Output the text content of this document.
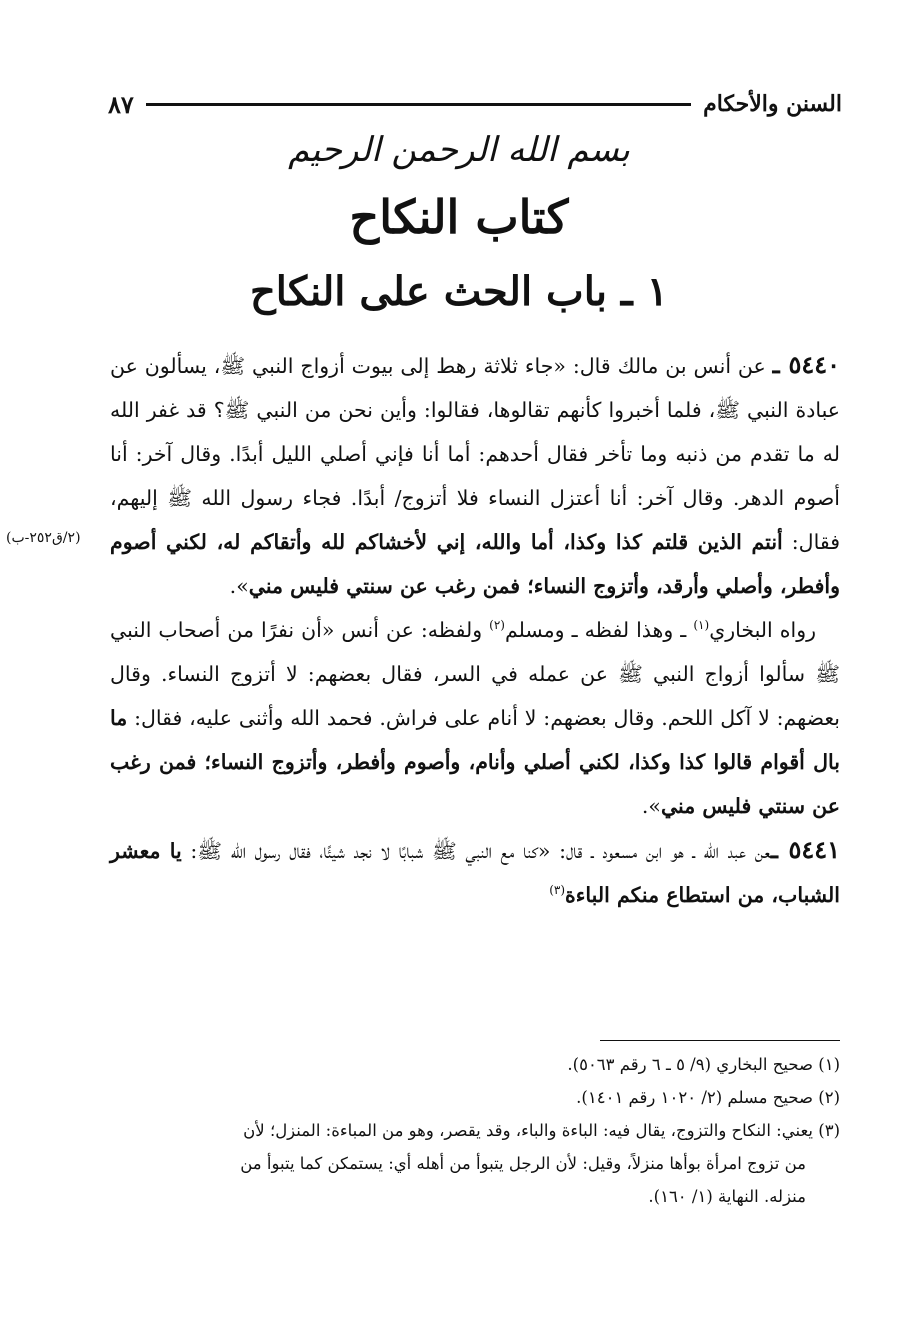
السنن والأحكام
٨٧
بسم الله الرحمن الرحيم
كتاب النكاح
١ ـ باب الحث على النكاح
(٢/ق٢٥٢-ب)

٥٤٤٠ ـ عن أنس بن مالك قال: «جاء ثلاثة رهط إلى بيوت أزواج النبي ﷺ، يسألون عن عبادة النبي ﷺ، فلما أخبروا كأنهم تقالوها، فقالوا: وأين نحن من النبي ﷺ؟ قد غفر الله له ما تقدم من ذنبه وما تأخر فقال أحدهم: أما أنا فإني أصلي الليل أبدًا. وقال آخر: أنا أصوم الدهر. وقال آخر: أنا أعتزل النساء فلا أتزوج/ أبدًا. فجاء رسول الله ﷺ إليهم، فقال: أنتم الذين قلتم كذا وكذا، أما والله، إني لأخشاكم لله وأتقاكم له، لكني أصوم وأفطر، وأصلي وأرقد، وأتزوج النساء؛ فمن رغب عن سنتي فليس مني».

رواه البخاري$^{(١)}$ ـ وهذا لفظه ـ ومسلم$^{(٢)}$ ولفظه: عن أنس «أن نفرًا من أصحاب النبي ﷺ سألوا أزواج النبي ﷺ عن عمله في السر، فقال بعضهم: لا أتزوج النساء. وقال بعضهم: لا آكل اللحم. وقال بعضهم: لا أنام على فراش. فحمد الله وأثنى عليه، فقال: ما بال أقوام قالوا كذا وكذا، لكني أصلي وأنام، وأصوم وأفطر، وأتزوج النساء؛ فمن رغب عن سنتي فليس مني».

٥٤٤١ ـعن عبد الله ـ هو ابن مسعود ـ قال: «كنا مع النبي ﷺ شبابًا لا نجد شيئًا، فقال رسول الله ﷺ: يا معشر الشباب، من استطاع منكم الباءة$^{(٣)}$

(١) صحيح البخاري (٩/ ٥ ـ ٦ رقم ٥٠٦٣).

(٢) صحيح مسلم (٢/ ١٠٢٠ رقم ١٤٠١).

(٣) يعني: النكاح والتزوج، يقال فيه: الباءة والباء، وقد يقصر، وهو من المباءة: المنزل؛ لأن

من تزوج امرأة بوأها منزلاً، وقيل: لأن الرجل يتبوأ من أهله أي: يستمكن كما يتبوأ من

منزله. النهاية (١/ ١٦٠).
